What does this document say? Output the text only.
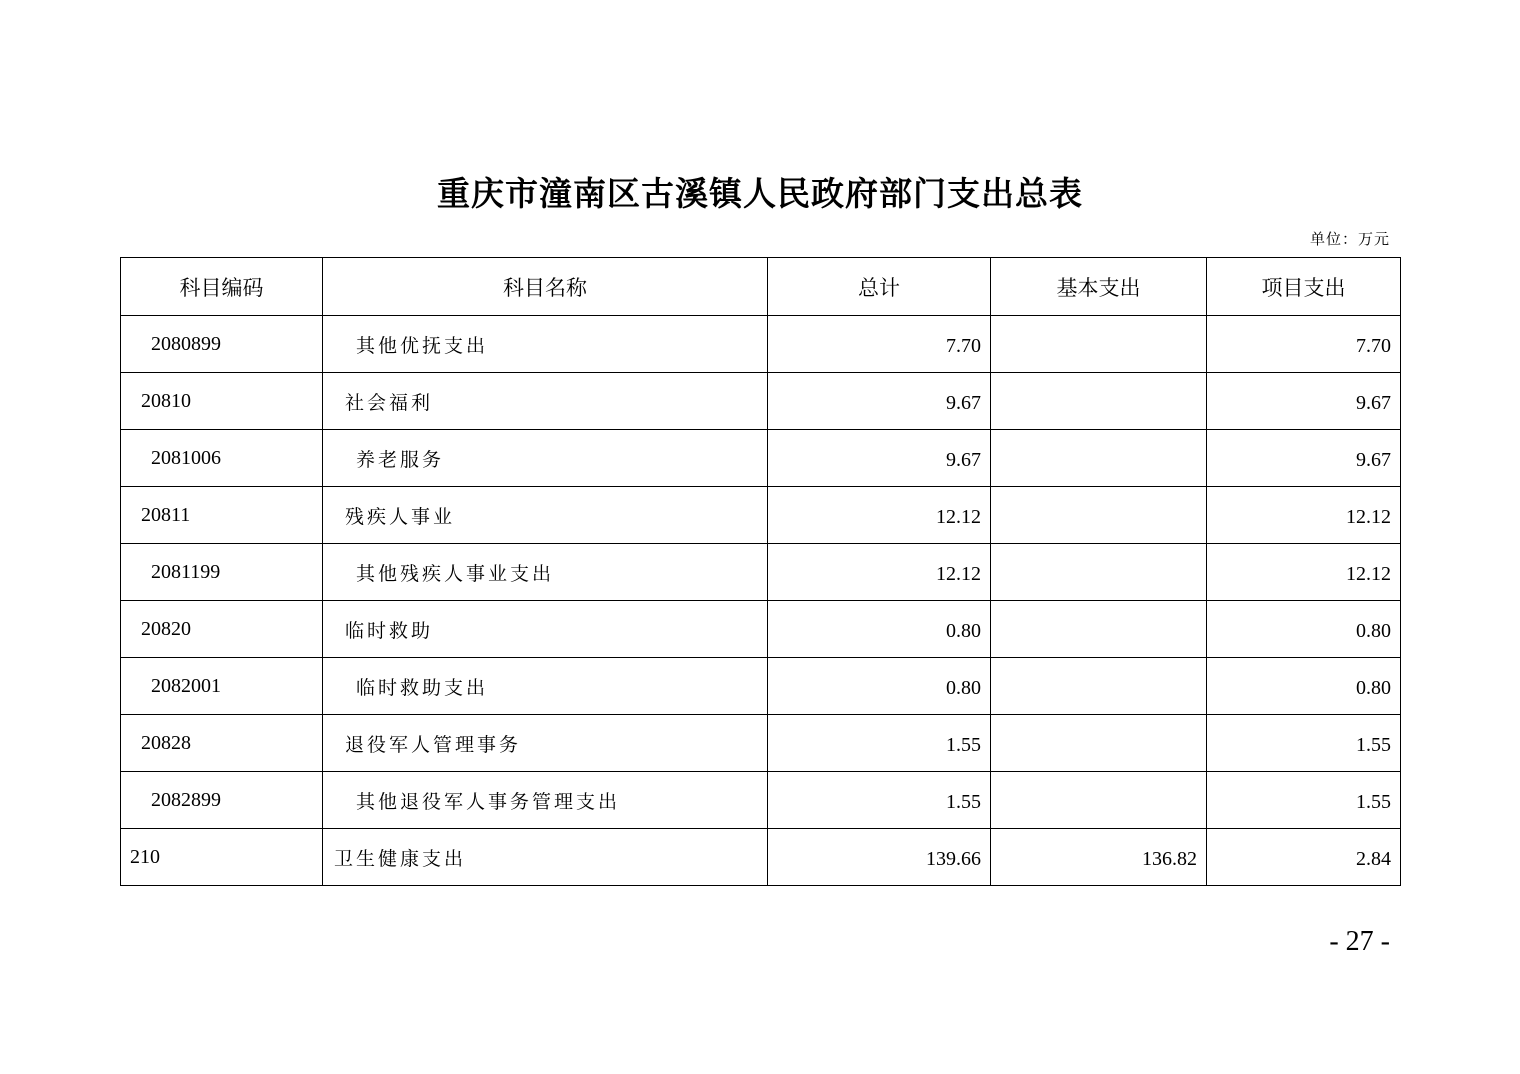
重庆市潼南区古溪镇人民政府部门支出总表
单位：万元
科目编码	科目名称	总计	基本支出	项目支出
2080899	其他优抚支出	7.70		7.70
20810	社会福利	9.67		9.67
2081006	养老服务	9.67		9.67
20811	残疾人事业	12.12		12.12
2081199	其他残疾人事业支出	12.12		12.12
20820	临时救助	0.80		0.80
2082001	临时救助支出	0.80		0.80
20828	退役军人管理事务	1.55		1.55
2082899	其他退役军人事务管理支出	1.55		1.55
210	卫生健康支出	139.66	136.82	2.84
- 27 -
